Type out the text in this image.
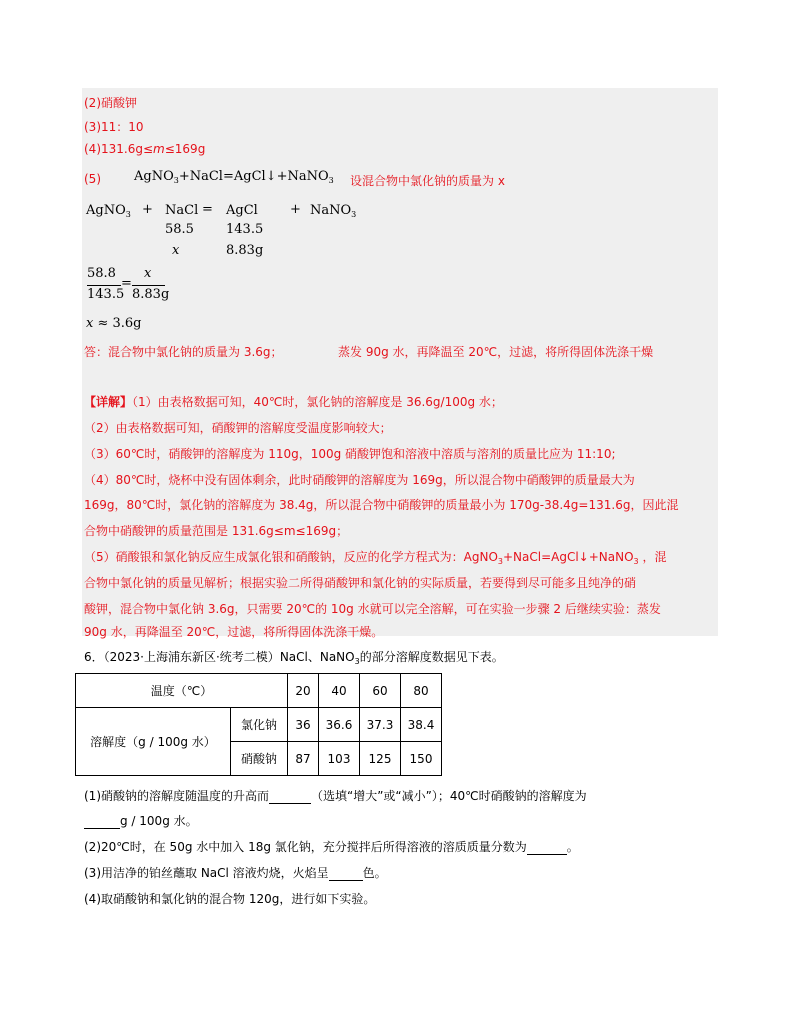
(2)硝酸钾
(3)11：10
(4)131.6g≤m≤169g
(5)	AgNO$_3$+NaCl=AgCl↓+NaNO$_3$ 设混合物中氯化钠的质量为 x
AgNO$_3$ + NaCl = AgCl + NaNO$_3$
58.5 143.5
x	8.83g
58.8
143.5
=
x
8.83g
x ≈ 3.6g
答：混合物中氯化钠的质量为 3.6g；	蒸发 90g 水，再降温至 20℃，过滤，将所得固体洗涤干燥
【详解】（1）由表格数据可知，40℃时，氯化钠的溶解度是 36.6g/100g 水；
（2）由表格数据可知，硝酸钾的溶解度受温度影响较大；
（3）60℃时，硝酸钾的溶解度为 110g，100g 硝酸钾饱和溶液中溶质与溶剂的质量比应为 11:10;
（4）80℃时，烧杯中没有固体剩余，此时硝酸钾的溶解度为 169g，所以混合物中硝酸钾的质量最大为
169g，80℃时，氯化钠的溶解度为 38.4g，所以混合物中硝酸钾的质量最小为 170g-38.4g=131.6g，因此混
合物中硝酸钾的质量范围是 131.6g≤m≤169g；
（5）硝酸银和氯化钠反应生成氯化银和硝酸钠，反应的化学方程式为：AgNO$_3$+NaCl=AgCl↓+NaNO$_3$ ，混
合物中氯化钠的质量见解析；根据实验二所得硝酸钾和氯化钠的实际质量，若要得到尽可能多且纯净的硝
酸钾，混合物中氯化钠 3.6g，只需要 20℃的 10g 水就可以完全溶解，可在实验一步骤 2 后继续实验：蒸发
90g 水，再降温至 20℃，过滤，将所得固体洗涤干燥。
6．（2023·上海浦东新区·统考二模）NaCl、NaNO$_3$的部分溶解度数据见下表。
温度（℃）		20	40	60	80
溶解度（g / 100g 水）	氯化钠	36	36.6	37.3	38.4
	硝酸钠	87	103	125	150
(1)硝酸钠的溶解度随温度的升高而	（选填“增大”或“减小”）；40℃时硝酸钠的溶解度为
g / 100g 水。
(2)20℃时，在 50g 水中加入 18g 氯化钠，充分搅拌后所得溶液的溶质质量分数为	。
(3)用洁净的铂丝蘸取 NaCl 溶液灼烧，火焰呈	色。
(4)取硝酸钠和氯化钠的混合物 120g，进行如下实验。
